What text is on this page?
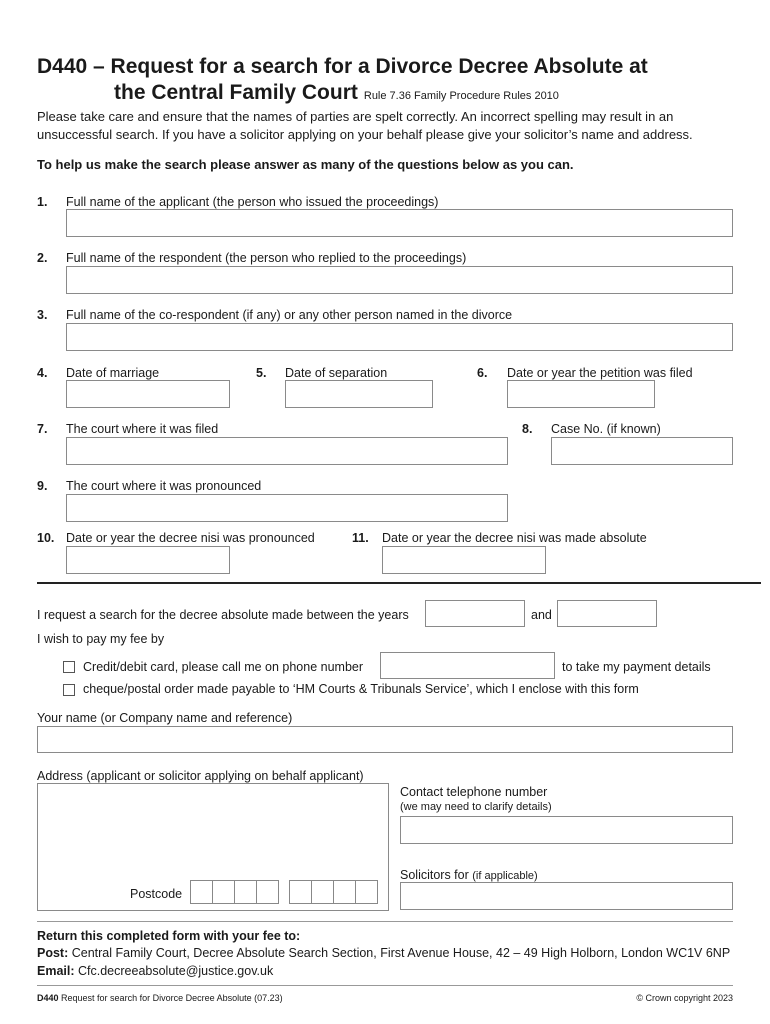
D440 – Request for a search for a Divorce Decree Absolute at
the Central Family Court Rule 7.36 Family Procedure Rules 2010
Please take care and ensure that the names of parties are spelt correctly. An incorrect spelling may result in an unsuccessful search. If you have a solicitor applying on your behalf please give your solicitor’s name and address.
To help us make the search please answer as many of the questions below as you can.
1. Full name of the applicant (the person who issued the proceedings)
2. Full name of the respondent (the person who replied to the proceedings)
3. Full name of the co-respondent (if any) or any other person named in the divorce
4. Date of marriage	5. Date of separation	6. Date or year the petition was filed
7. The court where it was filed	8. Case No. (if known)
9. The court where it was pronounced
10. Date or year the decree nisi was pronounced	11. Date or year the decree nisi was made absolute
I request a search for the decree absolute made between the years	and
I wish to pay my fee by
Credit/debit card, please call me on phone number	to take my payment details
cheque/postal order made payable to ‘HM Courts & Tribunals Service’, which I enclose with this form
Your name (or Company name and reference)
Address (applicant or solicitor applying on behalf applicant)
Postcode
Contact telephone number
(we may need to clarify details)
Solicitors for (if applicable)
Return this completed form with your fee to:
Post: Central Family Court, Decree Absolute Search Section, First Avenue House, 42 – 49 High Holborn, London WC1V 6NP
Email: Cfc.decreeabsolute@justice.gov.uk
D440 Request for search for Divorce Decree Absolute (07.23)	© Crown copyright 2023
